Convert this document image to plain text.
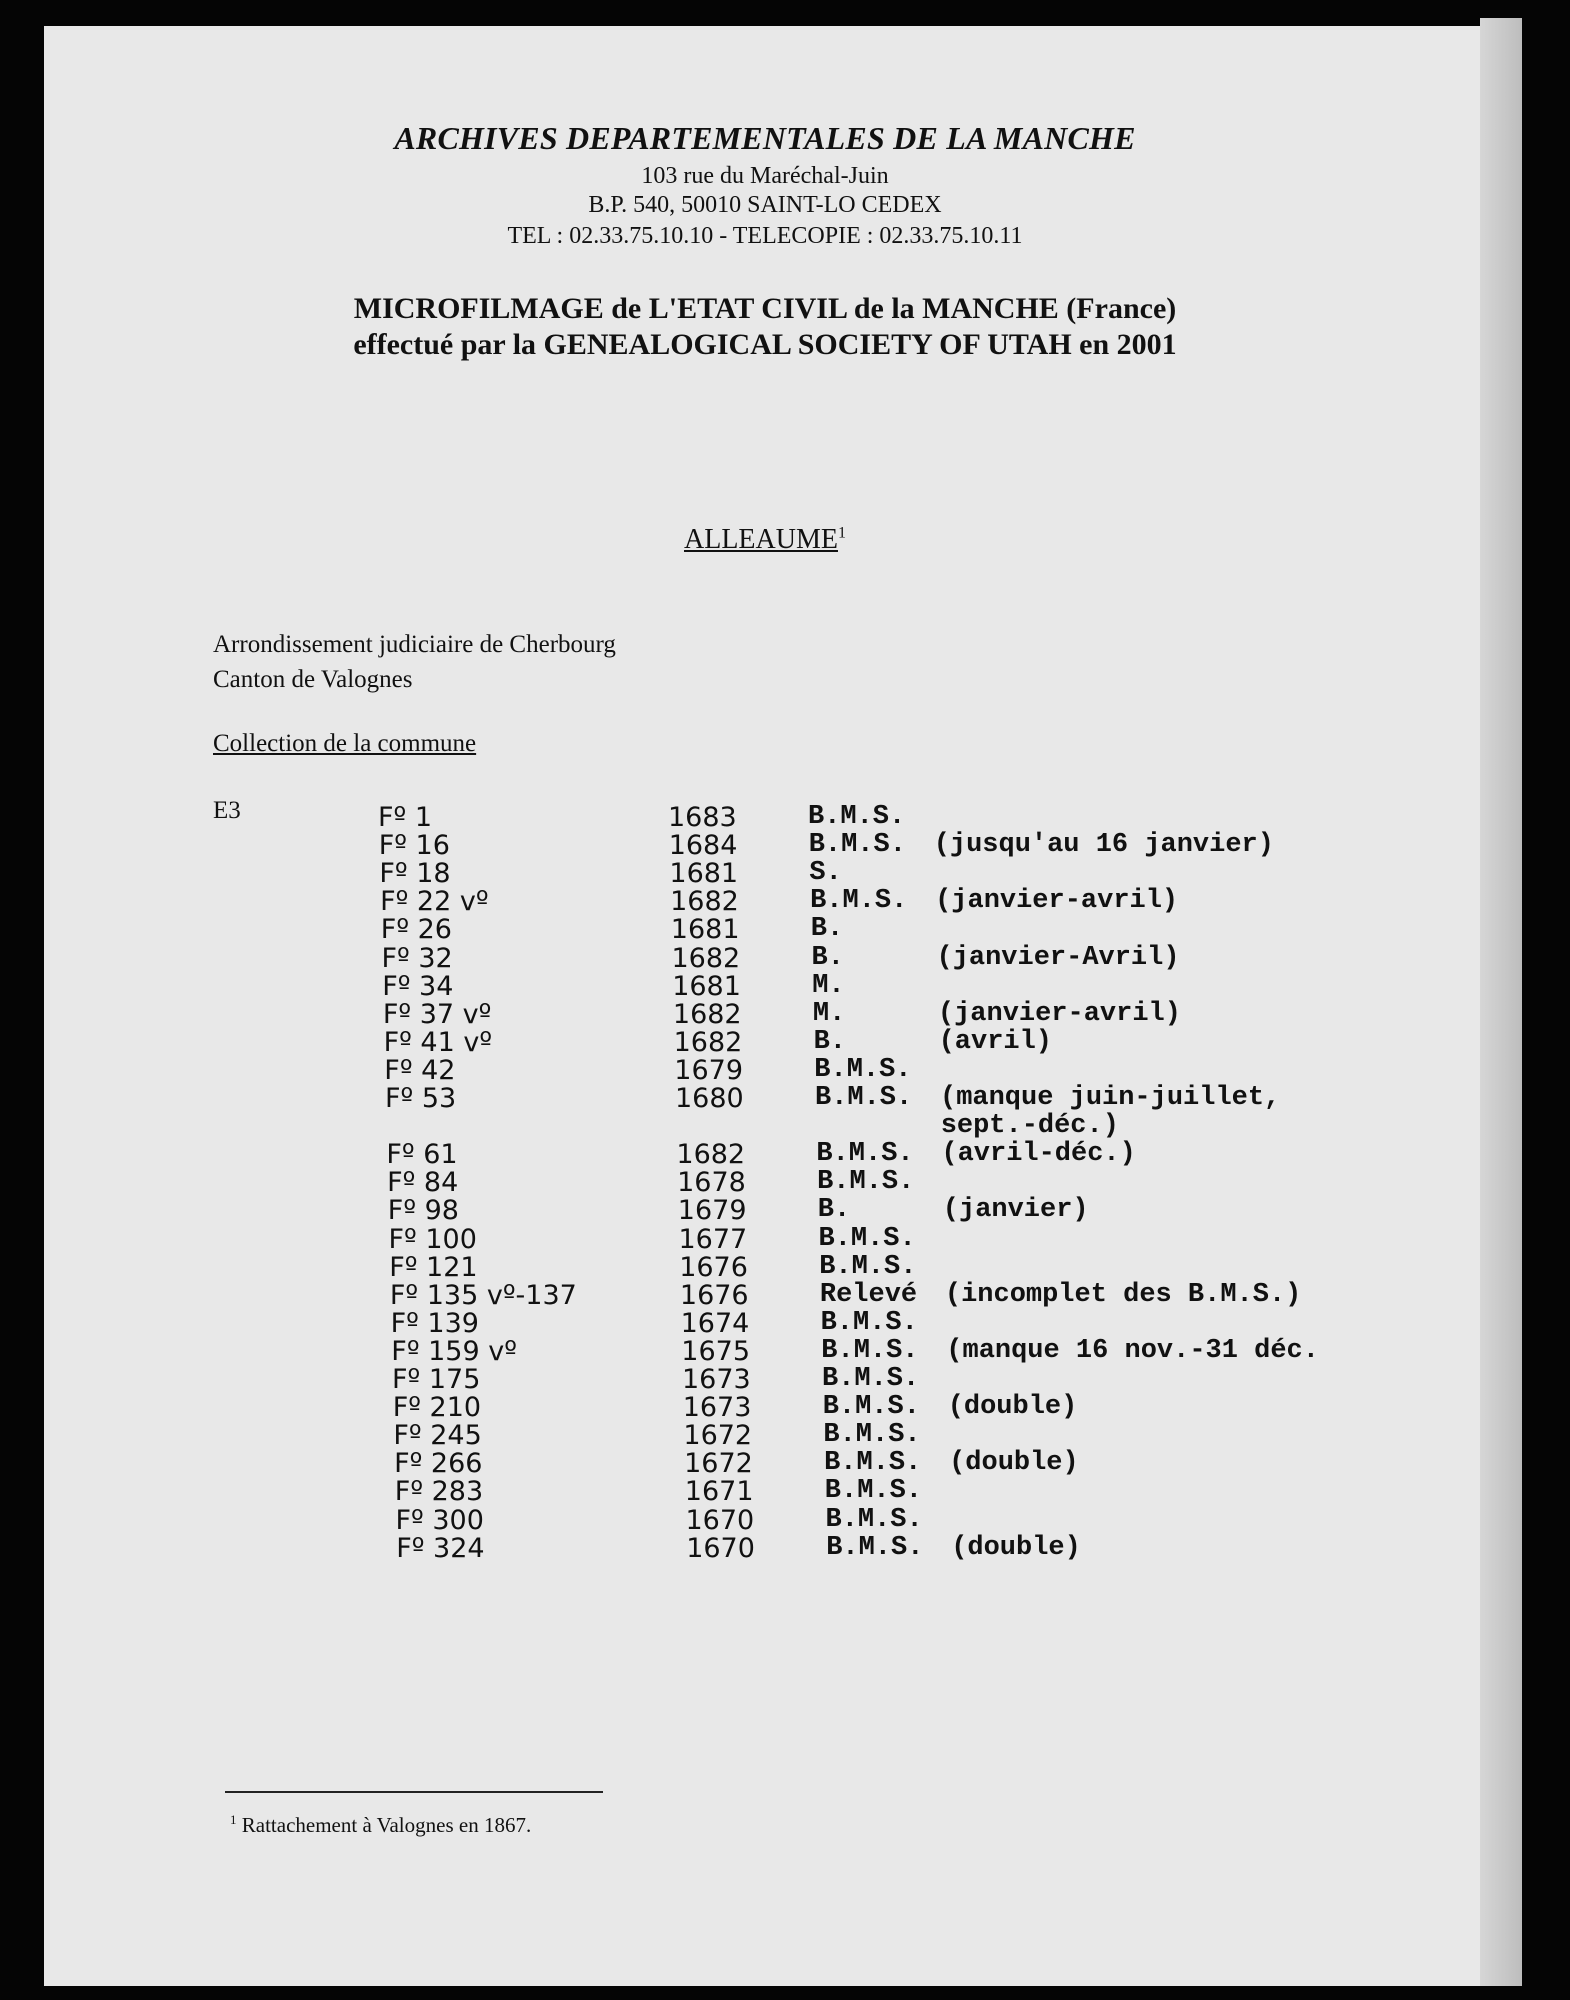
ARCHIVES DEPARTEMENTALES DE LA MANCHE

103 rue du Maréchal-Juin

B.P. 540, 50010 SAINT-LO CEDEX

TEL : 02.33.75.10.10 - TELECOPIE : 02.33.75.10.11

MICROFILMAGE de L'ETAT CIVIL de la MANCHE (France)

effectué par la GENEALOGICAL SOCIETY OF UTAH en 2001

ALLEAUME$^1$

Arrondissement judiciaire de Cherbourg

Canton de Valognes

Collection de la commune

E3	Fº 1	1683	B.M.S.
Fº 16	1684	B.M.S. (jusqu'au 16 janvier)
Fº 18	1681	S.
Fº 22 vº	1682	B.M.S. (janvier-avril)
Fº 26	1681	B.
Fº 32	1682	B.	(janvier-Avril)
Fº 34	1681	M.
Fº 37 vº	1682	M.	(janvier-avril)
Fº 41 vº	1682	B.	(avril)
Fº 42	1679	B.M.S.
Fº 53	1680	B.M.S. (manque juin-juillet,
sept.-déc.)
Fº 61	1682	B.M.S. (avril-déc.)
Fº 84	1678	B.M.S.
Fº 98	1679	B.	(janvier)
Fº 100	1677	B.M.S.
Fº 121	1676	B.M.S.
Fº 135 vº-137	1676	Relevé (incomplet des B.M.S.)
Fº 139	1674	B.M.S.
Fº 159 vº	1675	B.M.S. (manque 16 nov.-31 déc.
Fº 175	1673	B.M.S.
Fº 210	1673	B.M.S. (double)
Fº 245	1672	B.M.S.
Fº 266	1672	B.M.S. (double)
Fº 283	1671	B.M.S.
Fº 300	1670	B.M.S.
Fº 324	1670	B.M.S. (double)

$^1$ Rattachement à Valognes en 1867.
